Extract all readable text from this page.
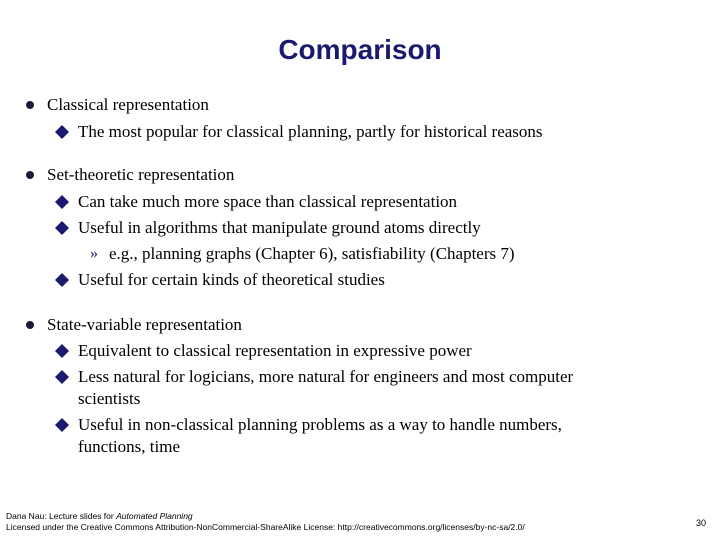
Comparison
Classical representation
The most popular for classical planning, partly for historical reasons
Set-theoretic representation
Can take much more space than classical representation
Useful in algorithms that manipulate ground atoms directly
» e.g., planning graphs (Chapter 6), satisfiability (Chapters 7)
Useful for certain kinds of theoretical studies
State-variable representation
Equivalent to classical representation in expressive power
Less natural for logicians, more natural for engineers and most computer
scientists
Useful in non-classical planning problems as a way to handle numbers,
functions, time
Dana Nau: Lecture slides for Automated Planning
Licensed under the Creative Commons Attribution-NonCommercial-ShareAlike License: http://creativecommons.org/licenses/by-nc-sa/2.0/	30
